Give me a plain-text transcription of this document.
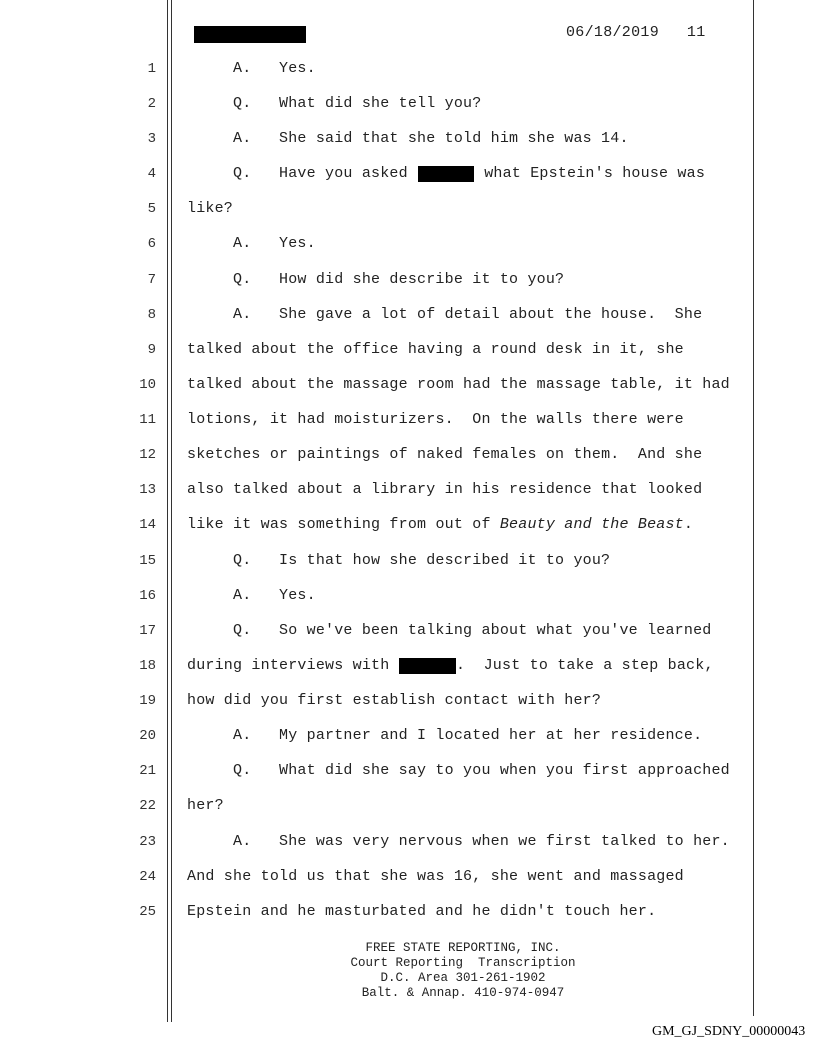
06/18/2019   11
1	A.   Yes.
2	Q.   What did she tell you?
3	A.   She said that she told him she was 14.
4	Q.   Have you asked	what Epstein's house was
5 like?
6	A.   Yes.
7	Q.   How did she describe it to you?
8	A.   She gave a lot of detail about the house.  She
9 talked about the office having a round desk in it, she
10 talked about the massage room had the massage table, it had
11 lotions, it had moisturizers.  On the walls there were
12 sketches or paintings of naked females on them.  And she
13 also talked about a library in his residence that looked
14 like it was something from out of Beauty and the Beast.
15	Q.   Is that how she described it to you?
16	A.   Yes.
17	Q.   So we've been talking about what you've learned
18 during interviews with	.  Just to take a step back,
19 how did you first establish contact with her?
20	A.   My partner and I located her at her residence.
21	Q.   What did she say to you when you first approached
22 her?
23	A.   She was very nervous when we first talked to her.
24 And she told us that she was 16, she went and massaged
25 Epstein and he masturbated and he didn't touch her.
FREE STATE REPORTING, INC.
Court Reporting  Transcription
D.C. Area 301-261-1902
Balt. & Annap. 410-974-0947
GM_GJ_SDNY_00000043
